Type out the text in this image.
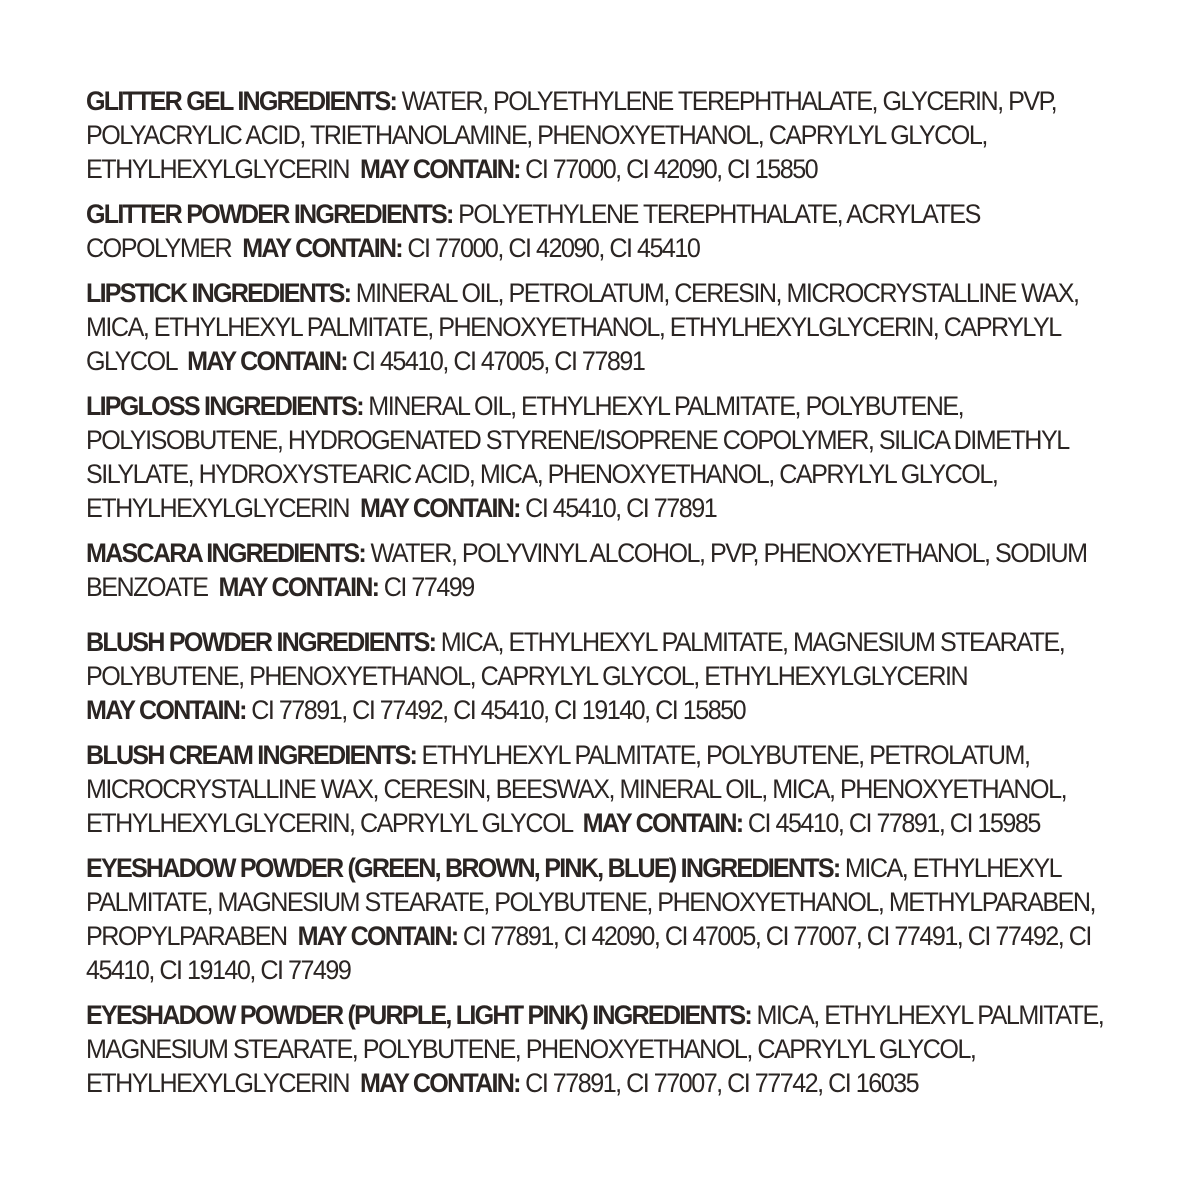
GLITTER GEL INGREDIENTS: WATER, POLYETHYLENE TEREPHTHALATE, GLYCERIN, PVP, POLYACRYLIC ACID, TRIETHANOLAMINE, PHENOXYETHANOL, CAPRYLYL GLYCOL, ETHYLHEXYLGLYCERIN MAY CONTAIN: CI 77000, CI 42090, CI 15850

GLITTER POWDER INGREDIENTS: POLYETHYLENE TEREPHTHALATE, ACRYLATES COPOLYMER MAY CONTAIN: CI 77000, CI 42090, CI 45410

LIPSTICK INGREDIENTS: MINERAL OIL, PETROLATUM, CERESIN, MICROCRYSTALLINE WAX, MICA, ETHYLHEXYL PALMITATE, PHENOXYETHANOL, ETHYLHEXYLGLYCERIN, CAPRYLYL GLYCOL MAY CONTAIN: CI 45410, CI 47005, CI 77891

LIPGLOSS INGREDIENTS: MINERAL OIL, ETHYLHEXYL PALMITATE, POLYBUTENE, POLYISOBUTENE, HYDROGENATED STYRENE/ISOPRENE COPOLYMER, SILICA DIMETHYL SILYLATE, HYDROXYSTEARIC ACID, MICA, PHENOXYETHANOL, CAPRYLYL GLYCOL, ETHYLHEXYLGLYCERIN MAY CONTAIN: CI 45410, CI 77891

MASCARA INGREDIENTS: WATER, POLYVINYL ALCOHOL, PVP, PHENOXYETHANOL, SODIUM BENZOATE MAY CONTAIN: CI 77499

BLUSH POWDER INGREDIENTS: MICA, ETHYLHEXYL PALMITATE, MAGNESIUM STEARATE, POLYBUTENE, PHENOXYETHANOL, CAPRYLYL GLYCOL, ETHYLHEXYLGLYCERIN
MAY CONTAIN: CI 77891, CI 77492, CI 45410, CI 19140, CI 15850

BLUSH CREAM INGREDIENTS: ETHYLHEXYL PALMITATE, POLYBUTENE, PETROLATUM, MICROCRYSTALLINE WAX, CERESIN, BEESWAX, MINERAL OIL, MICA, PHENOXYETHANOL, ETHYLHEXYLGLYCERIN, CAPRYLYL GLYCOL MAY CONTAIN: CI 45410, CI 77891, CI 15985

EYESHADOW POWDER (GREEN, BROWN, PINK, BLUE) INGREDIENTS: MICA, ETHYLHEXYL PALMITATE, MAGNESIUM STEARATE, POLYBUTENE, PHENOXYETHANOL, METHYLPARABEN, PROPYLPARABEN MAY CONTAIN: CI 77891, CI 42090, CI 47005, CI 77007, CI 77491, CI 77492, CI 45410, CI 19140, CI 77499

EYESHADOW POWDER (PURPLE, LIGHT PINK) INGREDIENTS: MICA, ETHYLHEXYL PALMITATE, MAGNESIUM STEARATE, POLYBUTENE, PHENOXYETHANOL, CAPRYLYL GLYCOL, ETHYLHEXYLGLYCERIN MAY CONTAIN: CI 77891, CI 77007, CI 77742, CI 16035
